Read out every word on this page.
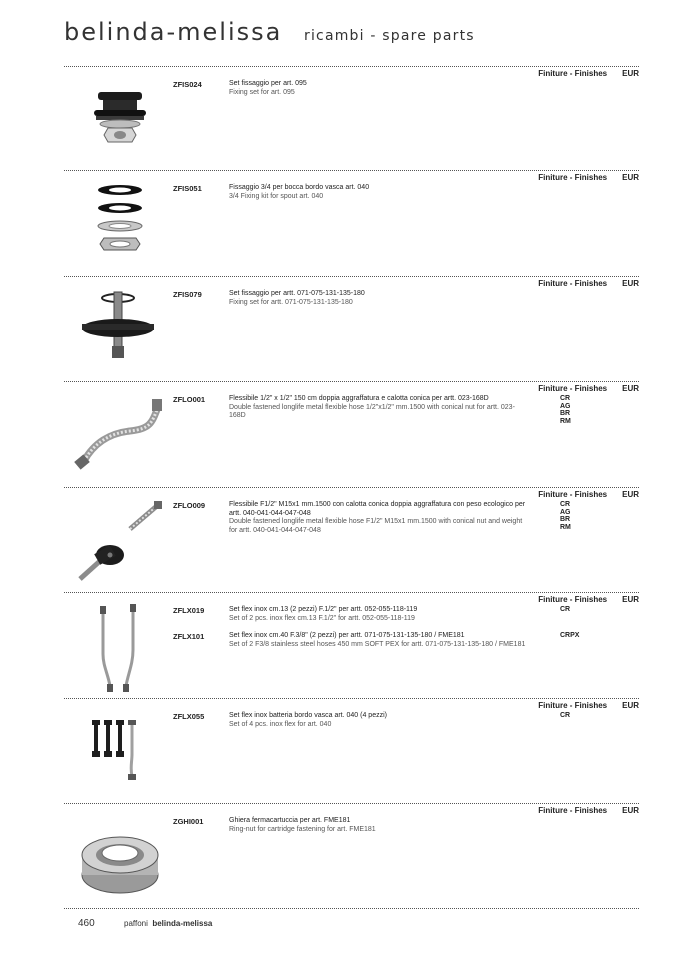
belinda-melissa ricambi - spare parts
Finiture - Finishes EUR
ZFIS024	Set fissaggio per art. 095
Fixing set for art. 095
Finiture - Finishes EUR
ZFIS051	Fissaggio 3/4 per bocca bordo vasca art. 040
3/4 Fixing kit for spout art. 040
Finiture - Finishes EUR
ZFIS079	Set fissaggio per artt. 071-075-131-135-180
Fixing set for artt. 071-075-131-135-180
Finiture - Finishes EUR
ZFLO001	Flessibile 1/2" x 1/2" 150 cm doppia aggraffatura e calotta conica per artt. 023-168D
Double fastened longlife metal flexible hose 1/2"x1/2" mm.1500 with conical nut for artt. 023-168D
CR
AG
BR
RM
Finiture - Finishes EUR
ZFLO009	Flessibile F1/2" M15x1 mm.1500 con calotta conica doppia aggraffatura con peso ecologico per artt. 040-041-044-047-048
Double fastened longlife metal flexible hose F1/2" M15x1 mm.1500 with conical nut and weight for artt. 040-041-044-047-048
CR
AG
BR
RM
Finiture - Finishes EUR
ZFLX019	Set flex inox cm.13 (2 pezzi) F.1/2" per artt. 052-055-118-119
Set of 2 pcs. inox flex cm.13 F.1/2" for artt. 052-055-118-119
CR
ZFLX101	Set flex inox cm.40 F.3/8" (2 pezzi) per artt. 071-075-131-135-180 / FME181
Set of 2 F3/8 stainless steel hoses 450 mm SOFT PEX for artt. 071-075-131-135-180 / FME181
CRPX
Finiture - Finishes EUR
ZFLX055	Set flex inox batteria bordo vasca art. 040 (4 pezzi)
Set of 4 pcs. inox flex for art. 040
CR
Finiture - Finishes EUR
ZGHI001	Ghiera fermacartuccia per art. FME181
Ring-nut for cartridge fastening for art. FME181
460	paffoni belinda-melissa
